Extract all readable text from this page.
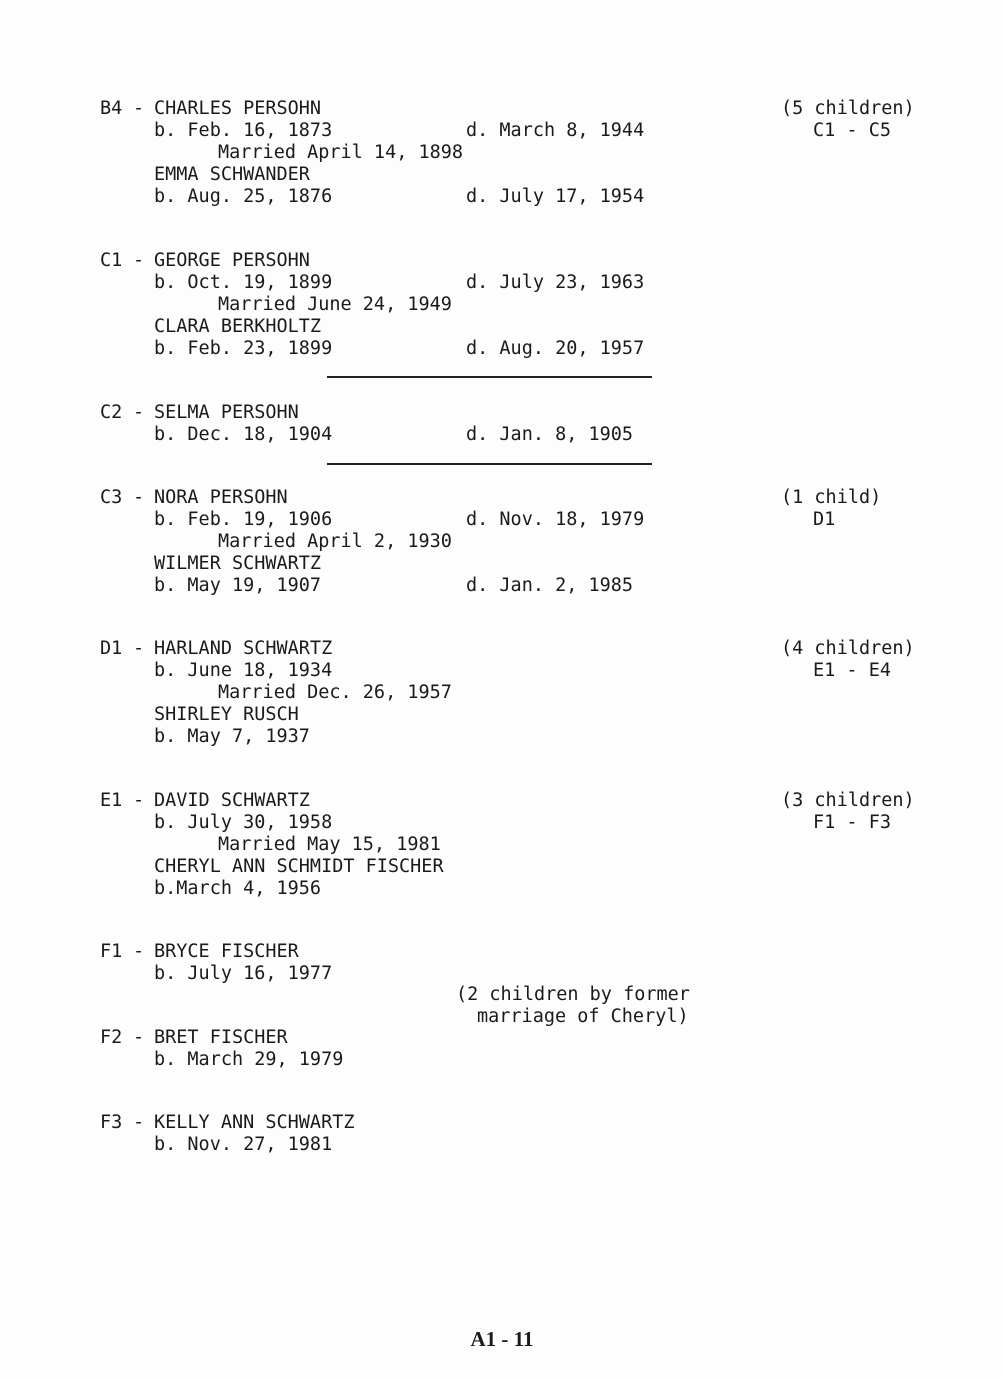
B4 - CHARLES PERSOHN
b. Feb. 16, 1873	d. March 8, 1944
Married April 14, 1898
EMMA SCHWANDER
b. Aug. 25, 1876	d. July 17, 1954
(5 children)
C1 - C5
C1 - GEORGE PERSOHN
b. Oct. 19, 1899	d. July 23, 1963
Married June 24, 1949
CLARA BERKHOLTZ
b. Feb. 23, 1899	d. Aug. 20, 1957
C2 - SELMA PERSOHN
b. Dec. 18, 1904	d. Jan. 8, 1905
C3 - NORA PERSOHN
b. Feb. 19, 1906	d. Nov. 18, 1979
Married April 2, 1930
WILMER SCHWARTZ
b. May 19, 1907	d. Jan. 2, 1985
(1 child)
D1
D1 - HARLAND SCHWARTZ
b. June 18, 1934
Married Dec. 26, 1957
SHIRLEY RUSCH
b. May 7, 1937
(4 children)
E1 - E4
E1 - DAVID SCHWARTZ
b. July 30, 1958
Married May 15, 1981
CHERYL ANN SCHMIDT FISCHER
b.March 4, 1956
(3 children)
F1 - F3
F1 - BRYCE FISCHER
b. July 16, 1977
(2 children by former
marriage of Cheryl)
F2 - BRET FISCHER
b. March 29, 1979
F3 - KELLY ANN SCHWARTZ
b. Nov. 27, 1981
A1 - 11
